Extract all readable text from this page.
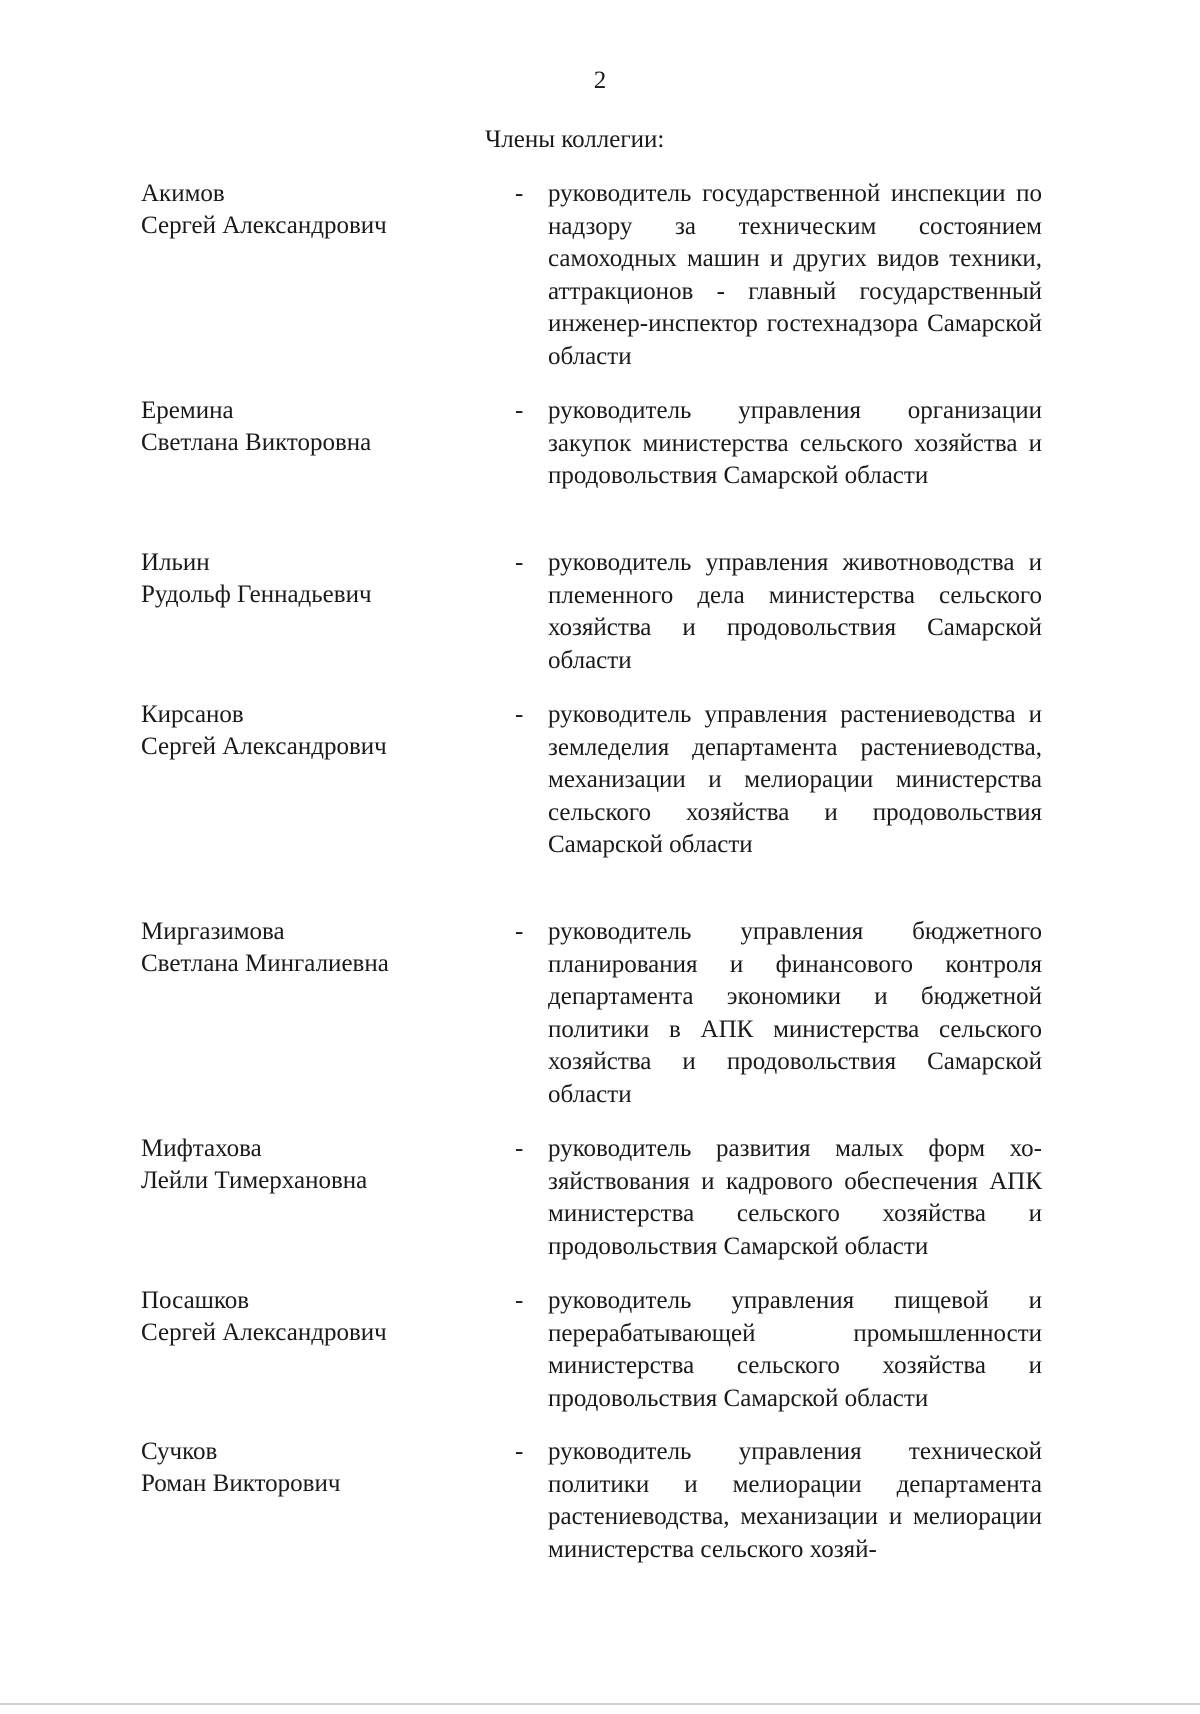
2
Члены коллегии:
Акимов
Сергей Александрович
- руководитель государственной инспекции по надзору за техническим состоянием самоходных машин и других видов техники, аттракционов - главный государственный инженер-инспектор гостехнадзора Самарской области
Еремина
Светлана Викторовна
- руководитель управления организации закупок министерства сельского хозяйства и продовольствия Самарской области
Ильин
Рудольф Геннадьевич
- руководитель управления животноводства и племенного дела министерства сельского хозяйства и продовольствия Самарской области
Кирсанов
Сергей Александрович
- руководитель управления растениеводства и земледелия департамента растениеводства, механизации и мелиорации министерства сельского хозяйства и продовольствия Самарской области
Миргазимова
Светлана Мингалиевна
- руководитель управления бюджетного планирования и финансового контроля департамента экономики и бюджетной политики в АПК министерства сельского хозяйства и продовольствия Самарской области
Мифтахова
Лейли Тимерхановна
- руководитель развития малых форм хозяйствования и кадрового обеспечения АПК министерства сельского хозяйства и продовольствия Самарской области
Посашков
Сергей Александрович
- руководитель управления пищевой и перерабатывающей промышленности министерства сельского хозяйства и продовольствия Самарской области
Сучков
Роман Викторович
- руководитель управления технической политики и мелиорации департамента растениеводства, механизации и мелиорации министерства сельского хозяй-
